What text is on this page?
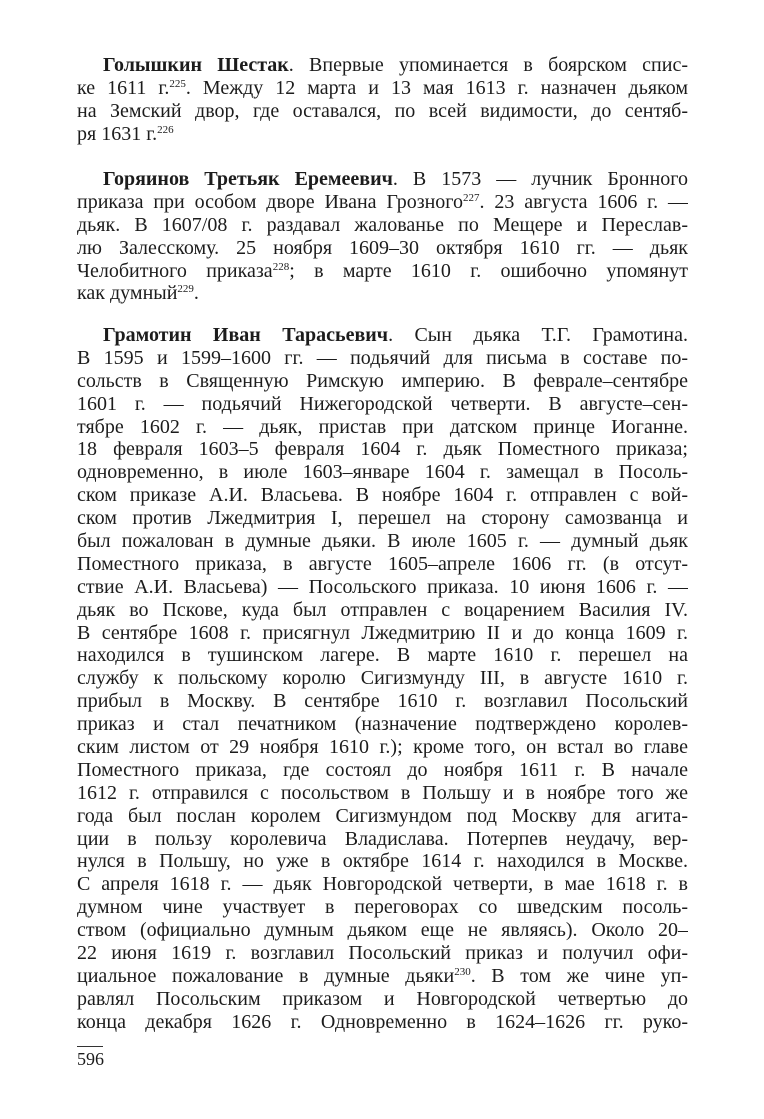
Голышкин Шестак. Впервые упоминается в боярском спис-
ке 1611 г.$^{225}$. Между 12 марта и 13 мая 1613 г. назначен дьяком
на Земский двор, где оставался, по всей видимости, до сентяб-
ря 1631 г.$^{226}$
Горяинов Третьяк Еремеевич. В 1573 — лучник Бронного
приказа при особом дворе Ивана Грозного$^{227}$. 23 августа 1606 г. —
дьяк. В 1607/08 г. раздавал жалованье по Мещере и Переслав-
лю Залесскому. 25 ноября 1609–30 октября 1610 гг. — дьяк
Челобитного приказа$^{228}$; в марте 1610 г. ошибочно упомянут
как думный$^{229}$.
Грамотин Иван Тарасьевич. Сын дьяка Т.Г. Грамотина.
В 1595 и 1599–1600 гг. — подьячий для письма в составе по-
сольств в Священную Римскую империю. В феврале–сентябре
1601 г. — подьячий Нижегородской четверти. В августе–сен-
тябре 1602 г. — дьяк, пристав при датском принце Иоганне.
18 февраля 1603–5 февраля 1604 г. дьяк Поместного приказа;
одновременно, в июле 1603–январе 1604 г. замещал в Посоль-
ском приказе А.И. Власьева. В ноябре 1604 г. отправлен с вой-
ском против Лжедмитрия I, перешел на сторону самозванца и
был пожалован в думные дьяки. В июле 1605 г. — думный дьяк
Поместного приказа, в августе 1605–апреле 1606 гг. (в отсут-
ствие А.И. Власьева) — Посольского приказа. 10 июня 1606 г. —
дьяк во Пскове, куда был отправлен с воцарением Василия IV.
В сентябре 1608 г. присягнул Лжедмитрию II и до конца 1609 г.
находился в тушинском лагере. В марте 1610 г. перешел на
службу к польскому королю Сигизмунду III, в августе 1610 г.
прибыл в Москву. В сентябре 1610 г. возглавил Посольский
приказ и стал печатником (назначение подтверждено королев-
ским листом от 29 ноября 1610 г.); кроме того, он встал во главе
Поместного приказа, где состоял до ноября 1611 г. В начале
1612 г. отправился с посольством в Польшу и в ноябре того же
года был послан королем Сигизмундом под Москву для агита-
ции в пользу королевича Владислава. Потерпев неудачу, вер-
нулся в Польшу, но уже в октябре 1614 г. находился в Москве.
С апреля 1618 г. — дьяк Новгородской четверти, в мае 1618 г. в
думном чине участвует в переговорах со шведским посоль-
ством (официально думным дьяком еще не являясь). Около 20–
22 июня 1619 г. возглавил Посольский приказ и получил офи-
циальное пожалование в думные дьяки$^{230}$. В том же чине уп-
равлял Посольским приказом и Новгородской четвертью до
конца декабря 1626 г. Одновременно в 1624–1626 гг. руко-
596
